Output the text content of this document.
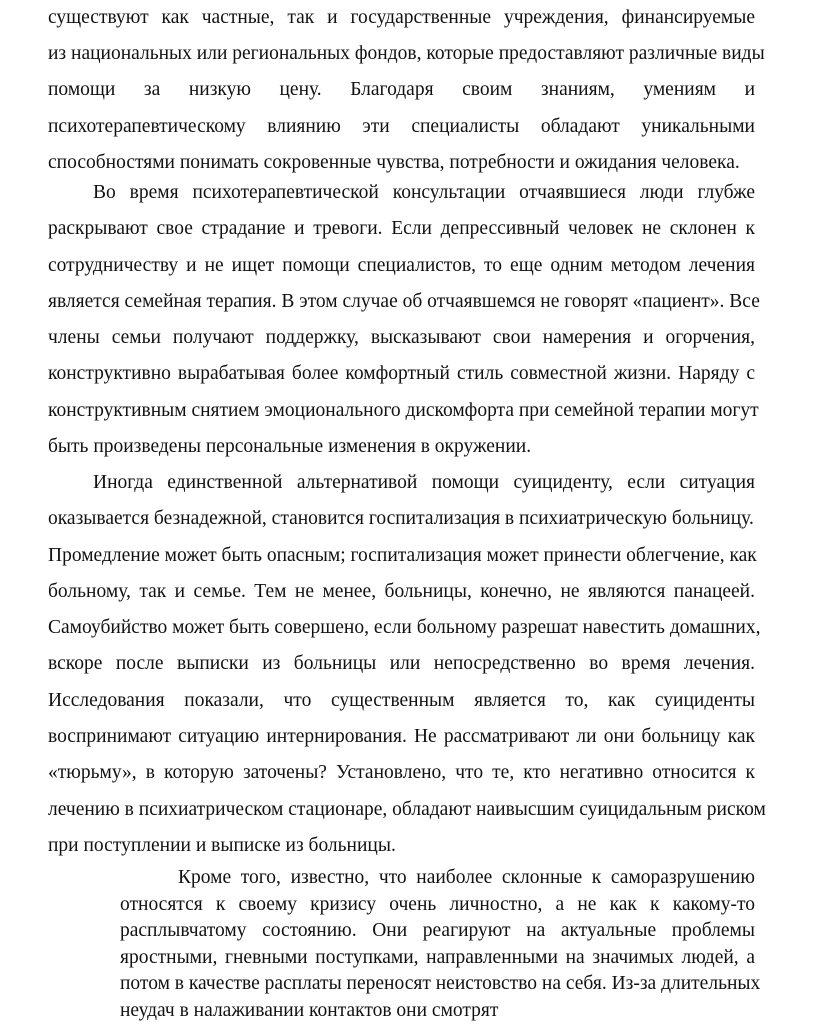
существуют как частные, так и государственные учреждения, финансируемые
из национальных или региональных фондов, которые предоставляют различные виды
помощи за низкую цену. Благодаря своим знаниям, умениям и
психотерапевтическому влиянию эти специалисты обладают уникальными
способностями понимать сокровенные чувства, потребности и ожидания человека.
Во время психотерапевтической консультации отчаявшиеся люди глубже
раскрывают свое страдание и тревоги. Если депрессивный человек не склонен к
сотрудничеству и не ищет помощи специалистов, то еще одним методом лечения
является семейная терапия. В этом случае об отчаявшемся не говорят «пациент». Все
члены семьи получают поддержку, высказывают свои намерения и огорчения,
конструктивно вырабатывая более комфортный стиль совместной жизни. Наряду с
конструктивным снятием эмоционального дискомфорта при семейной терапии могут
быть произведены персональные изменения в окружении.
Иногда единственной альтернативой помощи суициденту, если ситуация
оказывается безнадежной, становится госпитализация в психиатрическую больницу.
Промедление может быть опасным; госпитализация может принести облегчение, как
больному, так и семье. Тем не менее, больницы, конечно, не являются панацеей.
Самоубийство может быть совершено, если больному разрешат навестить домашних,
вскоре после выписки из больницы или непосредственно во время лечения.
Исследования показали, что существенным является то, как суициденты
воспринимают ситуацию интернирования. Не рассматривают ли они больницу как
«тюрьму», в которую заточены? Установлено, что те, кто негативно относится к
лечению в психиатрическом стационаре, обладают наивысшим суицидальным риском
при поступлении и выписке из больницы.
Кроме того, известно, что наиболее склонные к саморазрушению
относятся к своему кризису очень личностно, а не как к какому-то
расплывчатому состоянию. Они реагируют на актуальные проблемы
яростными, гневными поступками, направленными на значимых людей, а
потом в качестве расплаты переносят неистовство на себя. Из-за длительных
неудач в налаживании контактов они смотрят
